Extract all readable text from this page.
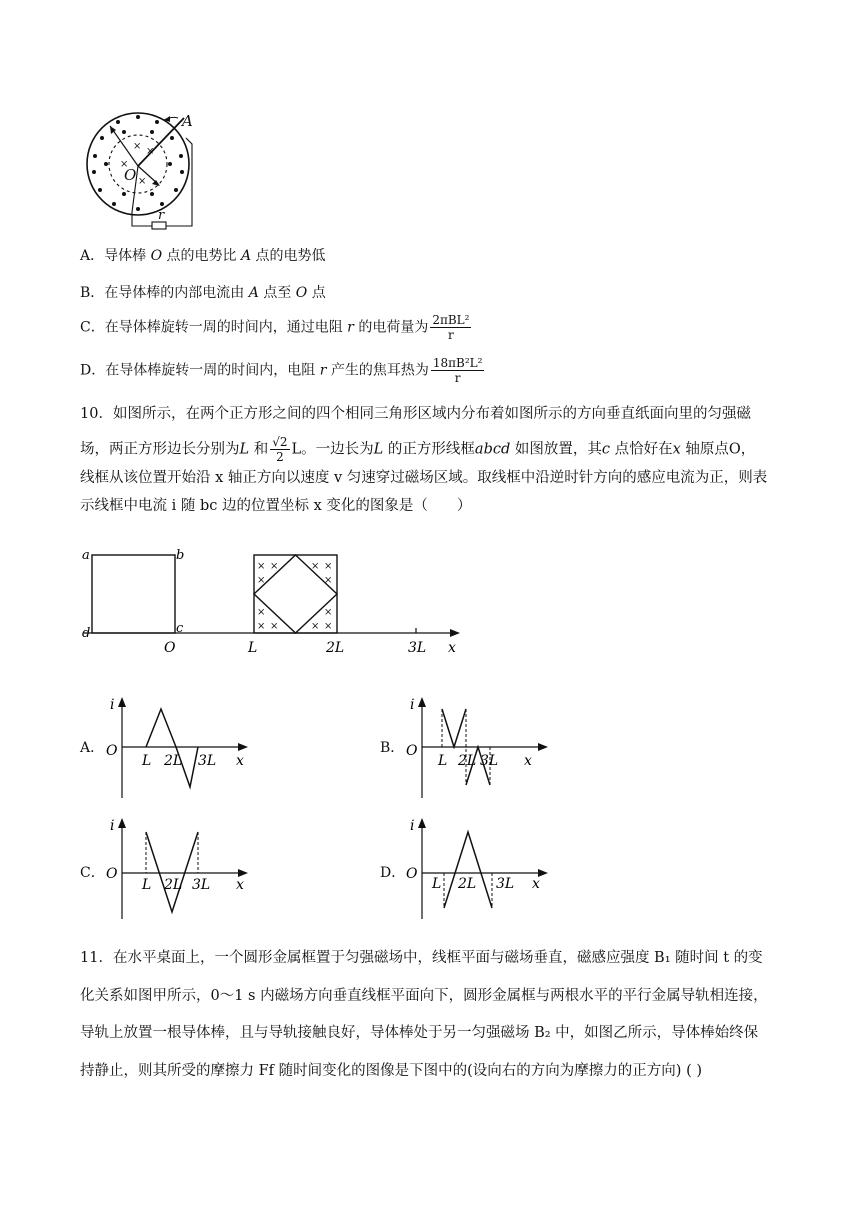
×
×
×
×
A
O
r
A．导体棒 O 点的电势比 A 点的电势低
B．在导体棒的内部电流由 A 点至 O 点
C．在导体棒旋转一周的时间内，通过电阻 r 的电荷量为 $\frac{\text{2πBL²}}{r}$
D．在导体棒旋转一周的时间内，电阻 r 产生的焦耳热为 $\frac{\text{18πB²L²}}{r}$
10．如图所示，在两个正方形之间的四个相同三角形区域内分布着如图所示的方向垂直纸面向里的匀强磁
场，两正方形边长分别为L 和 $\frac{√2}{2}$ L。一边长为L 的正方形线框abcd 如图放置，其c 点恰好在x 轴原点O，
线框从该位置开始沿 x 轴正方向以速度 v 匀速穿过磁场区域。取线框中沿逆时针方向的感应电流为正，则表
示线框中电流 i 随 bc 边的位置坐标 x 变化的图象是（　　）
a	b
c
d
× ×
×
× ×
×
×
× ×
×
× ×
O	L	2L	3L x
A．
i
O
L 2L 3L x
B．
i
O
L 2L 3L x
C．
i
O
L 2L 3L x
D．
i
O
L 2L 3L x
11．在水平桌面上，一个圆形金属框置于匀强磁场中，线框平面与磁场垂直，磁感应强度 B₁ 随时间 t 的变
化关系如图甲所示，0～1 s 内磁场方向垂直线框平面向下，圆形金属框与两根水平的平行金属导轨相连接，
导轨上放置一根导体棒，且与导轨接触良好，导体棒处于另一匀强磁场 B₂ 中，如图乙所示，导体棒始终保
持静止，则其所受的摩擦力 Ff 随时间变化的图像是下图中的(设向右的方向为摩擦力的正方向) ( )
